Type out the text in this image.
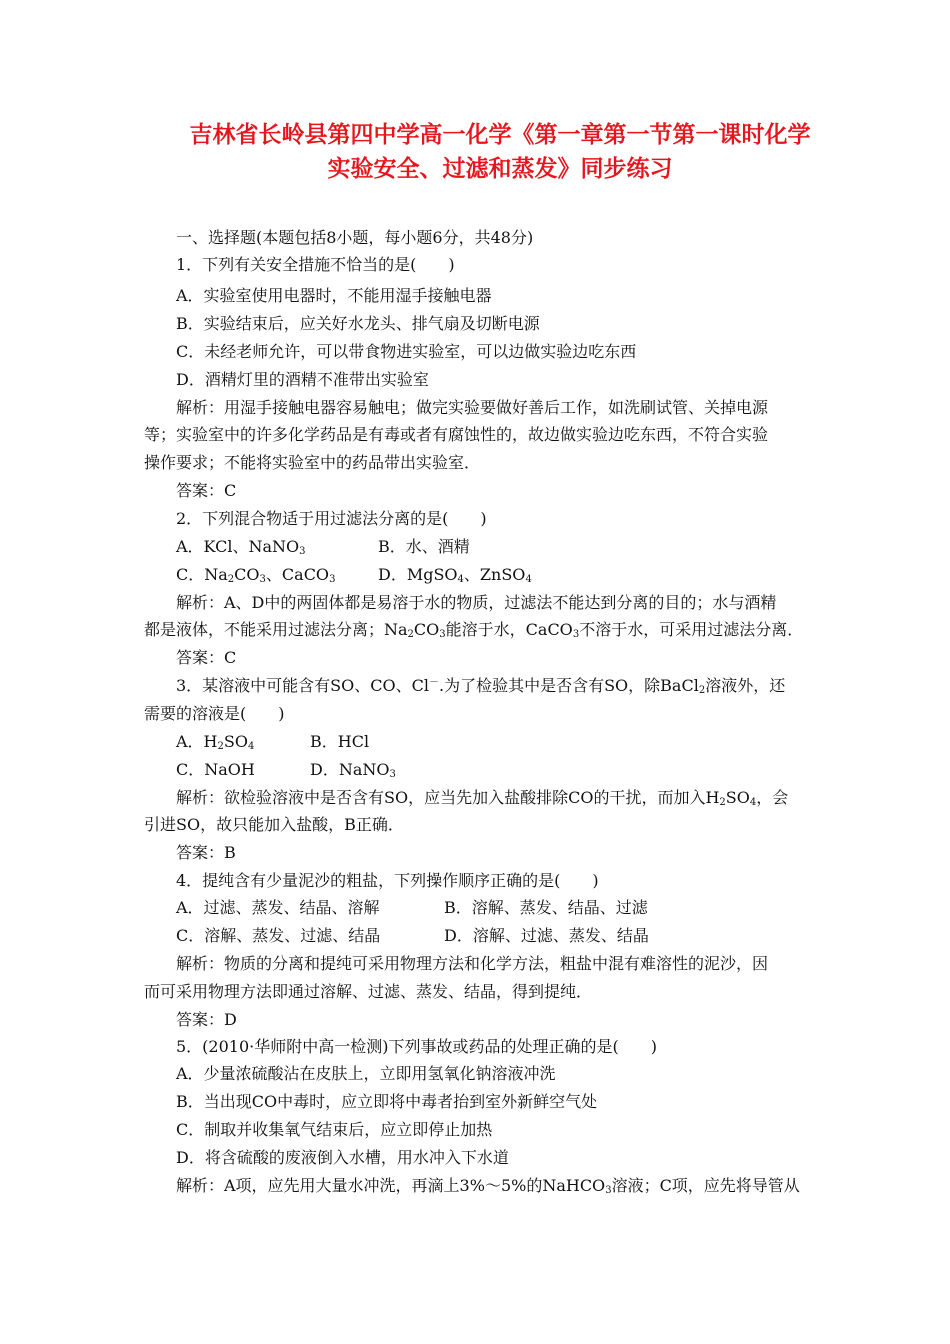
吉林省长岭县第四中学高一化学《第一章第一节第一课时化学
实验安全、过滤和蒸发》同步练习
一、选择题(本题包括8小题，每小题6分，共48分)
1．下列有关安全措施不恰当的是(　　)
A．实验室使用电器时，不能用湿手接触电器
B．实验结束后，应关好水龙头、排气扇及切断电源
C．未经老师允许，可以带食物进实验室，可以边做实验边吃东西
D．酒精灯里的酒精不准带出实验室
解析：用湿手接触电器容易触电；做完实验要做好善后工作，如洗刷试管、关掉电源
等；实验室中的许多化学药品是有毒或者有腐蚀性的，故边做实验边吃东西，不符合实验
操作要求；不能将实验室中的药品带出实验室．
答案：C
2．下列混合物适于用过滤法分离的是(　　)
A．KCl、NaNO$_3$	B．水、酒精
C．$Na_2CO_3$、CaCO$_3$	D．MgSO$_4$、ZnSO$_4$
解析：A、D中的两固体都是易溶于水的物质，过滤法不能达到分离的目的；水与酒精
都是液体，不能采用过滤法分离；$Na_2CO_3$能溶于水，CaCO$_3$不溶于水，可采用过滤法分离．
答案：C
3．某溶液中可能含有SO、CO、Cl－.为了检验其中是否含有SO，除BaCl$_2$溶液外，还
需要的溶液是(　　)
A．$H_2SO_4$	B．HCl
C．NaOH	D．NaNO$_3$
解析：欲检验溶液中是否含有SO，应当先加入盐酸排除CO的干扰，而加入$H_2SO_4$，会
引进SO，故只能加入盐酸，B正确．
答案：B
4．提纯含有少量泥沙的粗盐，下列操作顺序正确的是(　　)
A．过滤、蒸发、结晶、溶解	B．溶解、蒸发、结晶、过滤
C．溶解、蒸发、过滤、结晶	D．溶解、过滤、蒸发、结晶
解析：物质的分离和提纯可采用物理方法和化学方法，粗盐中混有难溶性的泥沙，因
而可采用物理方法即通过溶解、过滤、蒸发、结晶，得到提纯．
答案：D
5．(2010·华师附中高一检测)下列事故或药品的处理正确的是(　　)
A．少量浓硫酸沾在皮肤上，立即用氢氧化钠溶液冲洗
B．当出现CO中毒时，应立即将中毒者抬到室外新鲜空气处
C．制取并收集氧气结束后，应立即停止加热
D．将含硫酸的废液倒入水槽，用水冲入下水道
解析：A项，应先用大量水冲洗，再滴上3%～5%的NaHCO$_3$溶液；C项，应先将导管从
